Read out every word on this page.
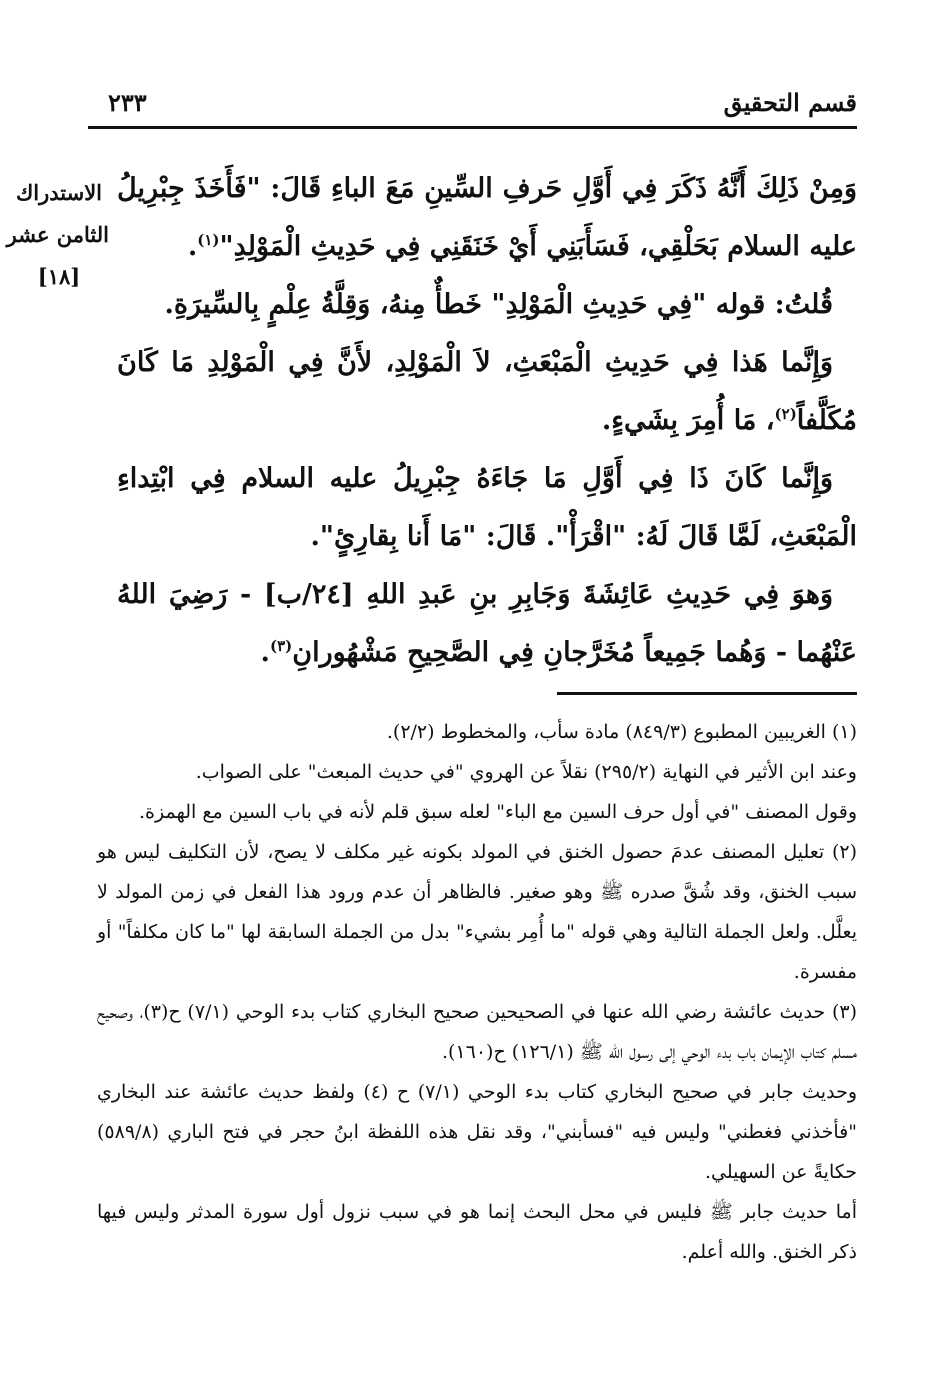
قسم التحقيق
٢٣٣
الاستدراك
الثامن عشر
[١٨]

وَمِنْ ذَلِكَ أَنَّهُ ذَكَرَ فِي أَوَّلِ حَرفِ السِّينِ مَعَ الباءِ قَالَ: "فَأَخَذَ جِبْرِيلُ عليه السلام بَحَلْقِي، فَسَأَبَنِي أَيْ خَنَقَنِي فِي حَدِيثِ الْمَوْلِدِ"$^{(١)}$.

قُلتُ: قوله "فِي حَدِيثِ الْمَوْلِدِ" خَطأٌ مِنهُ، وَقِلَّةُ عِلْمٍ بِالسِّيرَةِ.

وَإِنَّما هَذا فِي حَدِيثِ الْمَبْعَثِ، لاَ الْمَوْلِدِ، لأَنَّ فِي الْمَوْلِدِ مَا كَانَ مُكَلَّفاً$^{(٢)}$، مَا أُمِرَ بِشَيءٍ.

وَإِنَّما كَانَ ذَا فِي أَوَّلِ مَا جَاءَهُ جِبْرِيلُ عليه السلام فِي ابْتِداءِ الْمَبْعَثِ، لَمَّا قَالَ لَهُ: "اقْرَأْ". قَالَ: "مَا أَنا بِقارِئٍ".

وَهوَ فِي حَدِيثِ عَائِشَةَ وَجَابِرِ بنِ عَبدِ اللهِ [٢٤/ب] - رَضِيَ اللهُ عَنْهُما - وَهُما جَمِيعاً مُخَرَّجانِ فِي الصَّحِيحِ مَشْهُورانِ$^{(٣)}$.

(١) الغريبين المطبوع (٨٤٩/٣) مادة سأب، والمخطوط (٢/٢).

وعند ابن الأثير في النهاية (٢٩٥/٢) نقلاً عن الهروي "في حديث المبعث" على الصواب.

وقول المصنف "في أول حرف السين مع الباء" لعله سبق قلم لأنه في باب السين مع الهمزة.

(٢) تعليل المصنف عدمَ حصول الخنق في المولد بكونه غير مكلف لا يصح، لأن التكليف ليس هو سبب الخنق، وقد شُقَّ صدره ﷺ وهو صغير. فالظاهر أن عدم ورود هذا الفعل في زمن المولد لا يعلَّل. ولعل الجملة التالية وهي قوله "ما أُمِر بشيء" بدل من الجملة السابقة لها "ما كان مكلفاً" أو مفسرة.

(٣) حديث عائشة رضي الله عنها في الصحيحين صحيح البخاري كتاب بدء الوحي (٧/١) ح(٣)، وصحيح مسلم كتاب الإيمان باب بدء الوحي إلى رسول الله ﷺ (١٢٦/١) ح(١٦٠).

وحديث جابر في صحيح البخاري كتاب بدء الوحي (٧/١) ح (٤) ولفظ حديث عائشة عند البخاري "فأخذني فغطني" وليس فيه "فسأبني"، وقد نقل هذه اللفظة ابنُ حجر في فتح الباري (٥٨٩/٨) حكايةً عن السهيلي.

أما حديث جابر ﷺ فليس في محل البحث إنما هو في سبب نزول أول سورة المدثر وليس فيها ذكر الخنق. والله أعلم.
